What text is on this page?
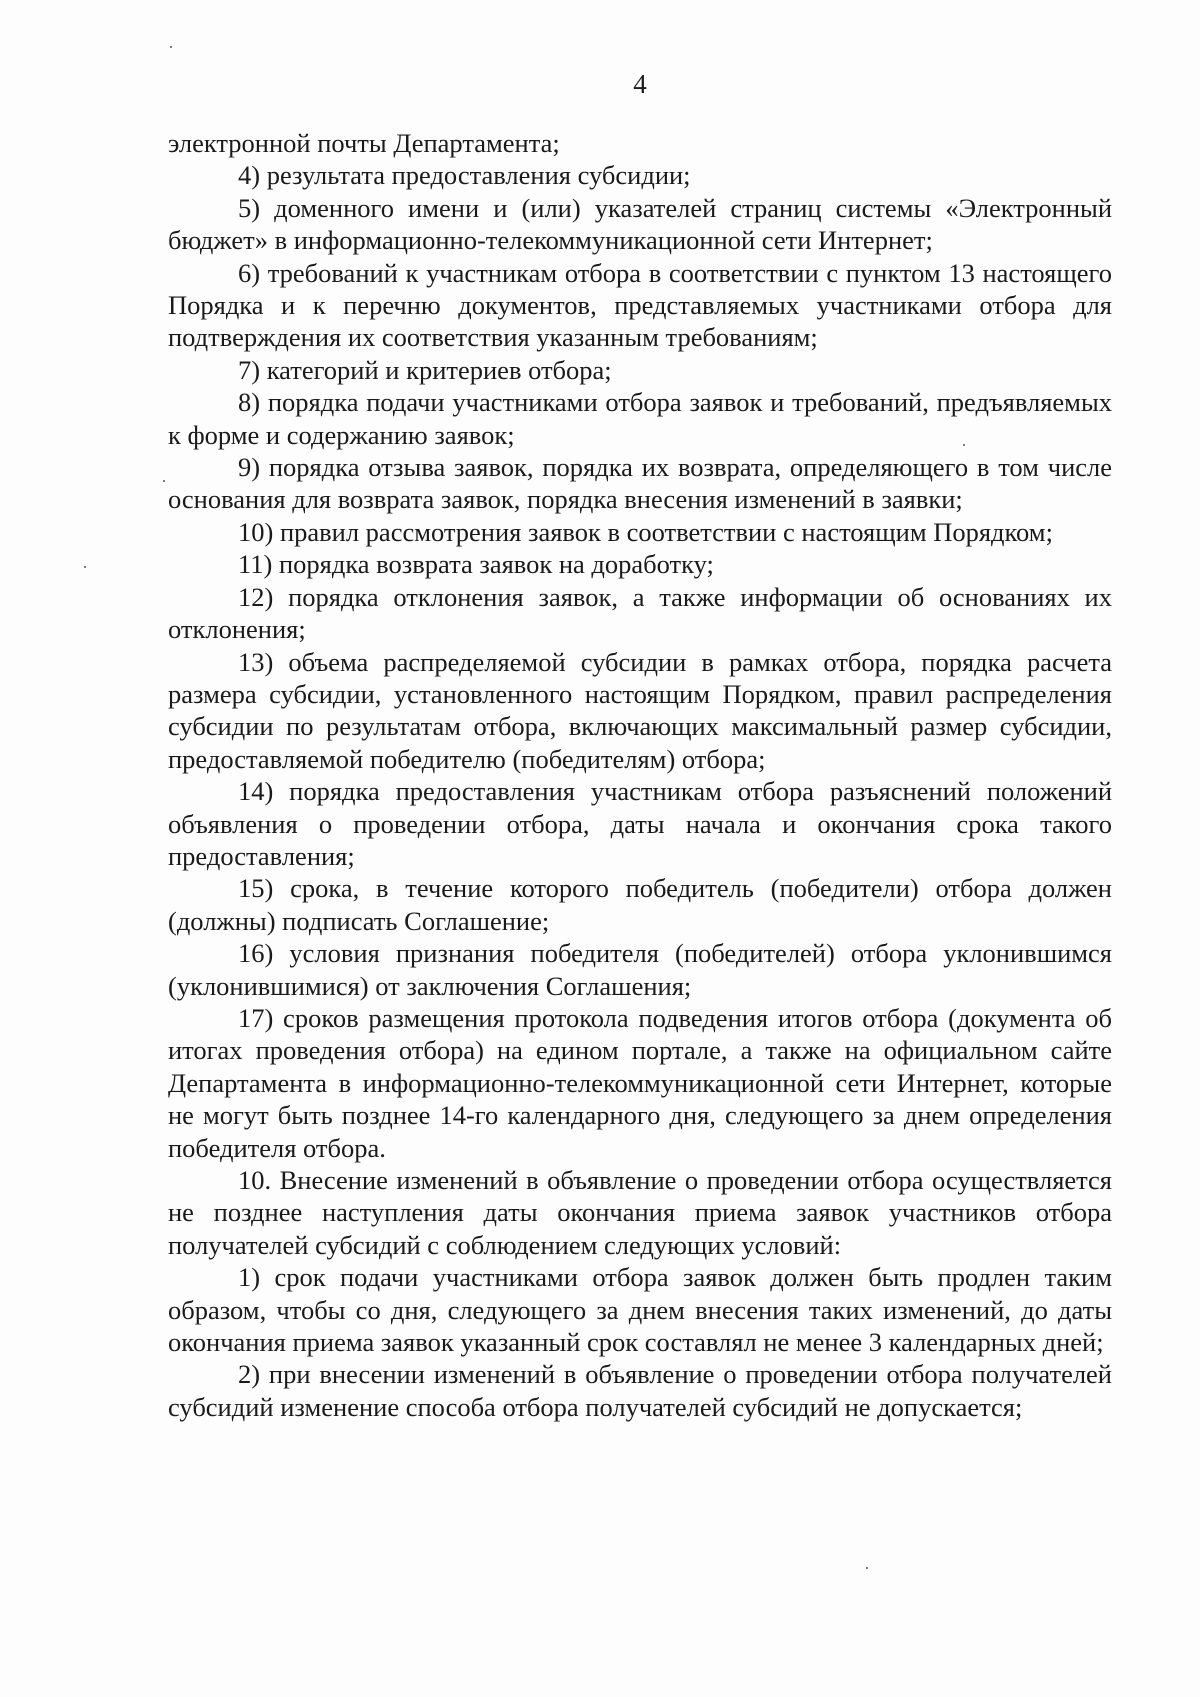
4

электронной почты Департамента;

4) результата предоставления субсидии;

5) доменного имени и (или) указателей страниц системы «Электронный бюджет» в информационно-телекоммуникационной сети Интернет;

6) требований к участникам отбора в соответствии с пунктом 13 настоящего Порядка и к перечню документов, представляемых участниками отбора для подтверждения их соответствия указанным требованиям;

7) категорий и критериев отбора;

8) порядка подачи участниками отбора заявок и требований, предъявляемых к форме и содержанию заявок;

9) порядка отзыва заявок, порядка их возврата, определяющего в том числе основания для возврата заявок, порядка внесения изменений в заявки;

10) правил рассмотрения заявок в соответствии с настоящим Порядком;

11) порядка возврата заявок на доработку;

12) порядка отклонения заявок, а также информации об основаниях их отклонения;

13) объема распределяемой субсидии в рамках отбора, порядка расчета размера субсидии, установленного настоящим Порядком, правил распределения субсидии по результатам отбора, включающих максимальный размер субсидии, предоставляемой победителю (победителям) отбора;

14) порядка предоставления участникам отбора разъяснений положений объявления о проведении отбора, даты начала и окончания срока такого предоставления;

15) срока, в течение которого победитель (победители) отбора должен (должны) подписать Соглашение;

16) условия признания победителя (победителей) отбора уклонившимся (уклонившимися) от заключения Соглашения;

17) сроков размещения протокола подведения итогов отбора (документа об итогах проведения отбора) на едином портале, а также на официальном сайте Департамента в информационно-телекоммуникационной сети Интернет, которые не могут быть позднее 14-го календарного дня, следующего за днем определения победителя отбора.

10. Внесение изменений в объявление о проведении отбора осуществляется не позднее наступления даты окончания приема заявок участников отбора получателей субсидий с соблюдением следующих условий:

1) срок подачи участниками отбора заявок должен быть продлен таким образом, чтобы со дня, следующего за днем внесения таких изменений, до даты окончания приема заявок указанный срок составлял не менее 3 календарных дней;

2) при внесении изменений в объявление о проведении отбора получателей субсидий изменение способа отбора получателей субсидий не допускается;
